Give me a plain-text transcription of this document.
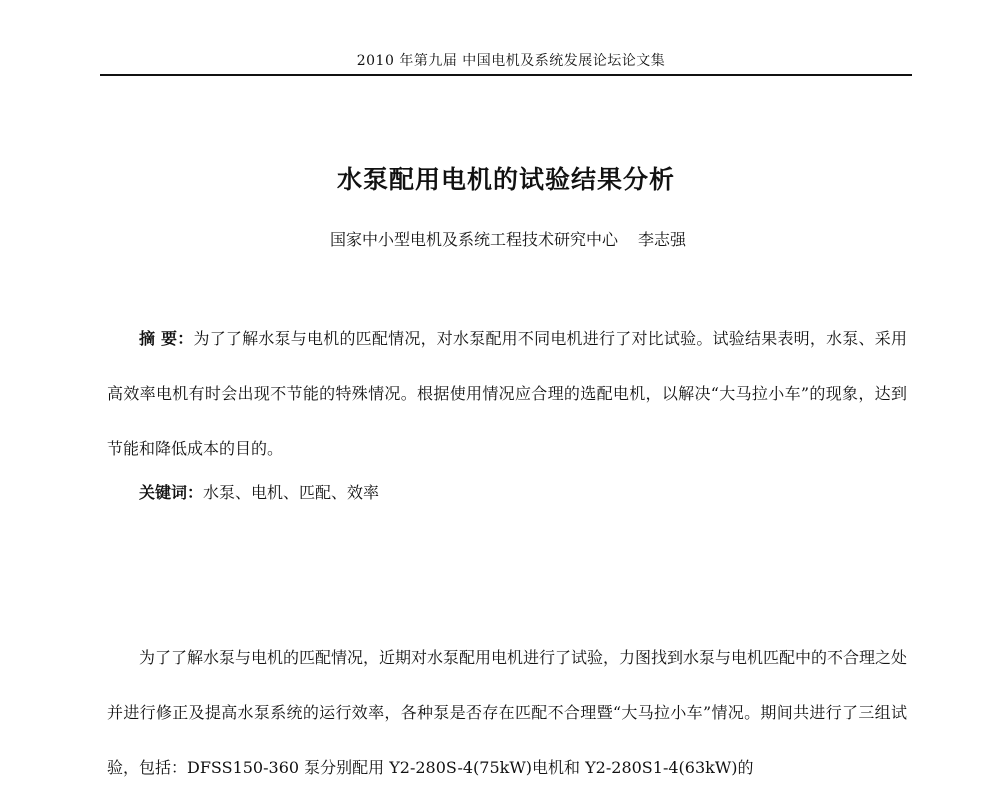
2010 年第九届 中国电机及系统发展论坛论文集
水泵配用电机的试验结果分析
国家中小型电机及系统工程技术研究中心 李志强

摘 要：为了了解水泵与电机的匹配情况，对水泵配用不同电机进行了对比试验。试验结果表明，水泵、采用高效率电机有时会出现不节能的特殊情况。根据使用情况应合理的选配电机，以解决“大马拉小车”的现象，达到节能和降低成本的目的。

关键词：水泵、电机、匹配、效率

为了了解水泵与电机的匹配情况，近期对水泵配用电机进行了试验，力图找到水泵与电机匹配中的不合理之处并进行修正及提高水泵系统的运行效率，各种泵是否存在匹配不合理暨“大马拉小车”情况。期间共进行了三组试验，包括：DFSS150-360 泵分别配用 Y2-280S-4(75kW)电机和 Y2-280S1-4(63kW)的
